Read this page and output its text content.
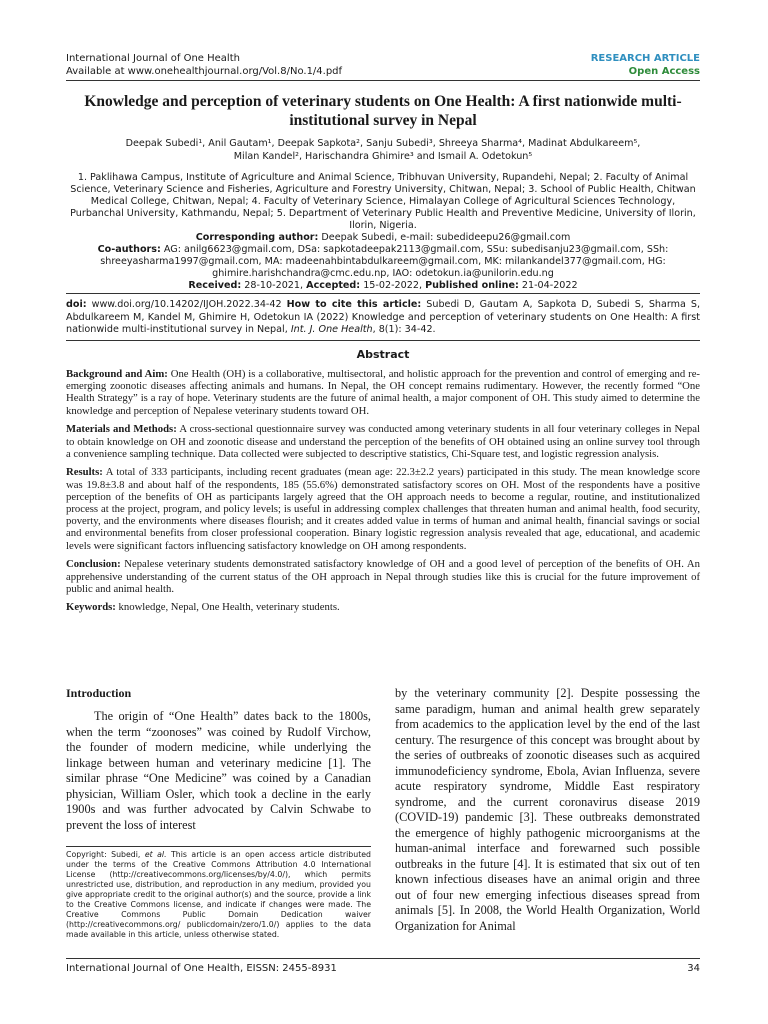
International Journal of One Health
Available at www.onehealthjournal.org/Vol.8/No.1/4.pdf
RESEARCH ARTICLE
Open Access
Knowledge and perception of veterinary students on One Health: A first nationwide multi-institutional survey in Nepal
Deepak Subedi¹, Anil Gautam¹, Deepak Sapkota², Sanju Subedi³, Shreeya Sharma⁴, Madinat Abdulkareem⁵,
Milan Kandel², Harischandra Ghimire³ and Ismail A. Odetokun⁵
1. Paklihawa Campus, Institute of Agriculture and Animal Science, Tribhuvan University, Rupandehi, Nepal; 2. Faculty of Animal Science, Veterinary Science and Fisheries, Agriculture and Forestry University, Chitwan, Nepal; 3. School of Public Health, Chitwan Medical College, Chitwan, Nepal; 4. Faculty of Veterinary Science, Himalayan College of Agricultural Sciences Technology, Purbanchal University, Kathmandu, Nepal; 5. Department of Veterinary Public Health and Preventive Medicine, University of Ilorin, Ilorin, Nigeria.
Corresponding author: Deepak Subedi, e-mail: subedideepu26@gmail.com
Co-authors: AG: anilg6623@gmail.com, DSa: sapkotadeepak2113@gmail.com, SSu: subedisanju23@gmail.com, SSh: shreeyasharma1997@gmail.com, MA: madeenahbintabdulkareem@gmail.com, MK: milankandel377@gmail.com, HG: ghimire.harishchandra@cmc.edu.np, IAO: odetokun.ia@unilorin.edu.ng
Received: 28-10-2021, Accepted: 15-02-2022, Published online: 21-04-2022
doi: www.doi.org/10.14202/IJOH.2022.34-42 How to cite this article: Subedi D, Gautam A, Sapkota D, Subedi S, Sharma S, Abdulkareem M, Kandel M, Ghimire H, Odetokun IA (2022) Knowledge and perception of veterinary students on One Health: A first nationwide multi-institutional survey in Nepal, Int. J. One Health, 8(1): 34-42.
Abstract

Background and Aim: One Health (OH) is a collaborative, multisectoral, and holistic approach for the prevention and control of emerging and re-emerging zoonotic diseases affecting animals and humans. In Nepal, the OH concept remains rudimentary. However, the recently formed “One Health Strategy” is a ray of hope. Veterinary students are the future of animal health, a major component of OH. This study aimed to determine the knowledge and perception of Nepalese veterinary students toward OH.

Materials and Methods: A cross-sectional questionnaire survey was conducted among veterinary students in all four veterinary colleges in Nepal to obtain knowledge on OH and zoonotic disease and understand the perception of the benefits of OH obtained using an online survey tool through a convenience sampling technique. Data collected were subjected to descriptive statistics, Chi-Square test, and logistic regression analysis.

Results: A total of 333 participants, including recent graduates (mean age: 22.3±2.2 years) participated in this study. The mean knowledge score was 19.8±3.8 and about half of the respondents, 185 (55.6%) demonstrated satisfactory scores on OH. Most of the respondents have a positive perception of the benefits of OH as participants largely agreed that the OH approach needs to become a regular, routine, and institutionalized process at the project, program, and policy levels; is useful in addressing complex challenges that threaten human and animal health, food security, poverty, and the environments where diseases flourish; and it creates added value in terms of human and animal health, financial savings or social and environmental benefits from closer professional cooperation. Binary logistic regression analysis revealed that age, educational, and academic levels were significant factors influencing satisfactory knowledge on OH among respondents.

Conclusion: Nepalese veterinary students demonstrated satisfactory knowledge of OH and a good level of perception of the benefits of OH. An apprehensive understanding of the current status of the OH approach in Nepal through studies like this is crucial for the future improvement of public and animal health.

Keywords: knowledge, Nepal, One Health, veterinary students.

Introduction

The origin of “One Health” dates back to the 1800s, when the term “zoonoses” was coined by Rudolf Virchow, the founder of modern medicine, while underlying the linkage between human and veterinary medicine [1]. The similar phrase “One Medicine” was coined by a Canadian physician, William Osler, which took a decline in the early 1900s and was further advocated by Calvin Schwabe to prevent the loss of interest

Copyright: Subedi, et al. This article is an open access article distributed under the terms of the Creative Commons Attribution 4.0 International License (http://creativecommons.org/licenses/by/4.0/), which permits unrestricted use, distribution, and reproduction in any medium, provided you give appropriate credit to the original author(s) and the source, provide a link to the Creative Commons license, and indicate if changes were made. The Creative Commons Public Domain Dedication waiver (http://creativecommons.org/ publicdomain/zero/1.0/) applies to the data made available in this article, unless otherwise stated.

by the veterinary community [2]. Despite possessing the same paradigm, human and animal health grew separately from academics to the application level by the end of the last century. The resurgence of this concept was brought about by the series of outbreaks of zoonotic diseases such as acquired immunodeficiency syndrome, Ebola, Avian Influenza, severe acute respiratory syndrome, Middle East respiratory syndrome, and the current coronavirus disease 2019 (COVID-19) pandemic [3]. These outbreaks demonstrated the emergence of highly pathogenic microorganisms at the human-animal interface and forewarned such possible outbreaks in the future [4]. It is estimated that six out of ten known infectious diseases have an animal origin and three out of four new emerging infectious diseases spread from animals [5]. In 2008, the World Health Organization, World Organization for Animal

International Journal of One Health, EISSN: 2455-8931	34
